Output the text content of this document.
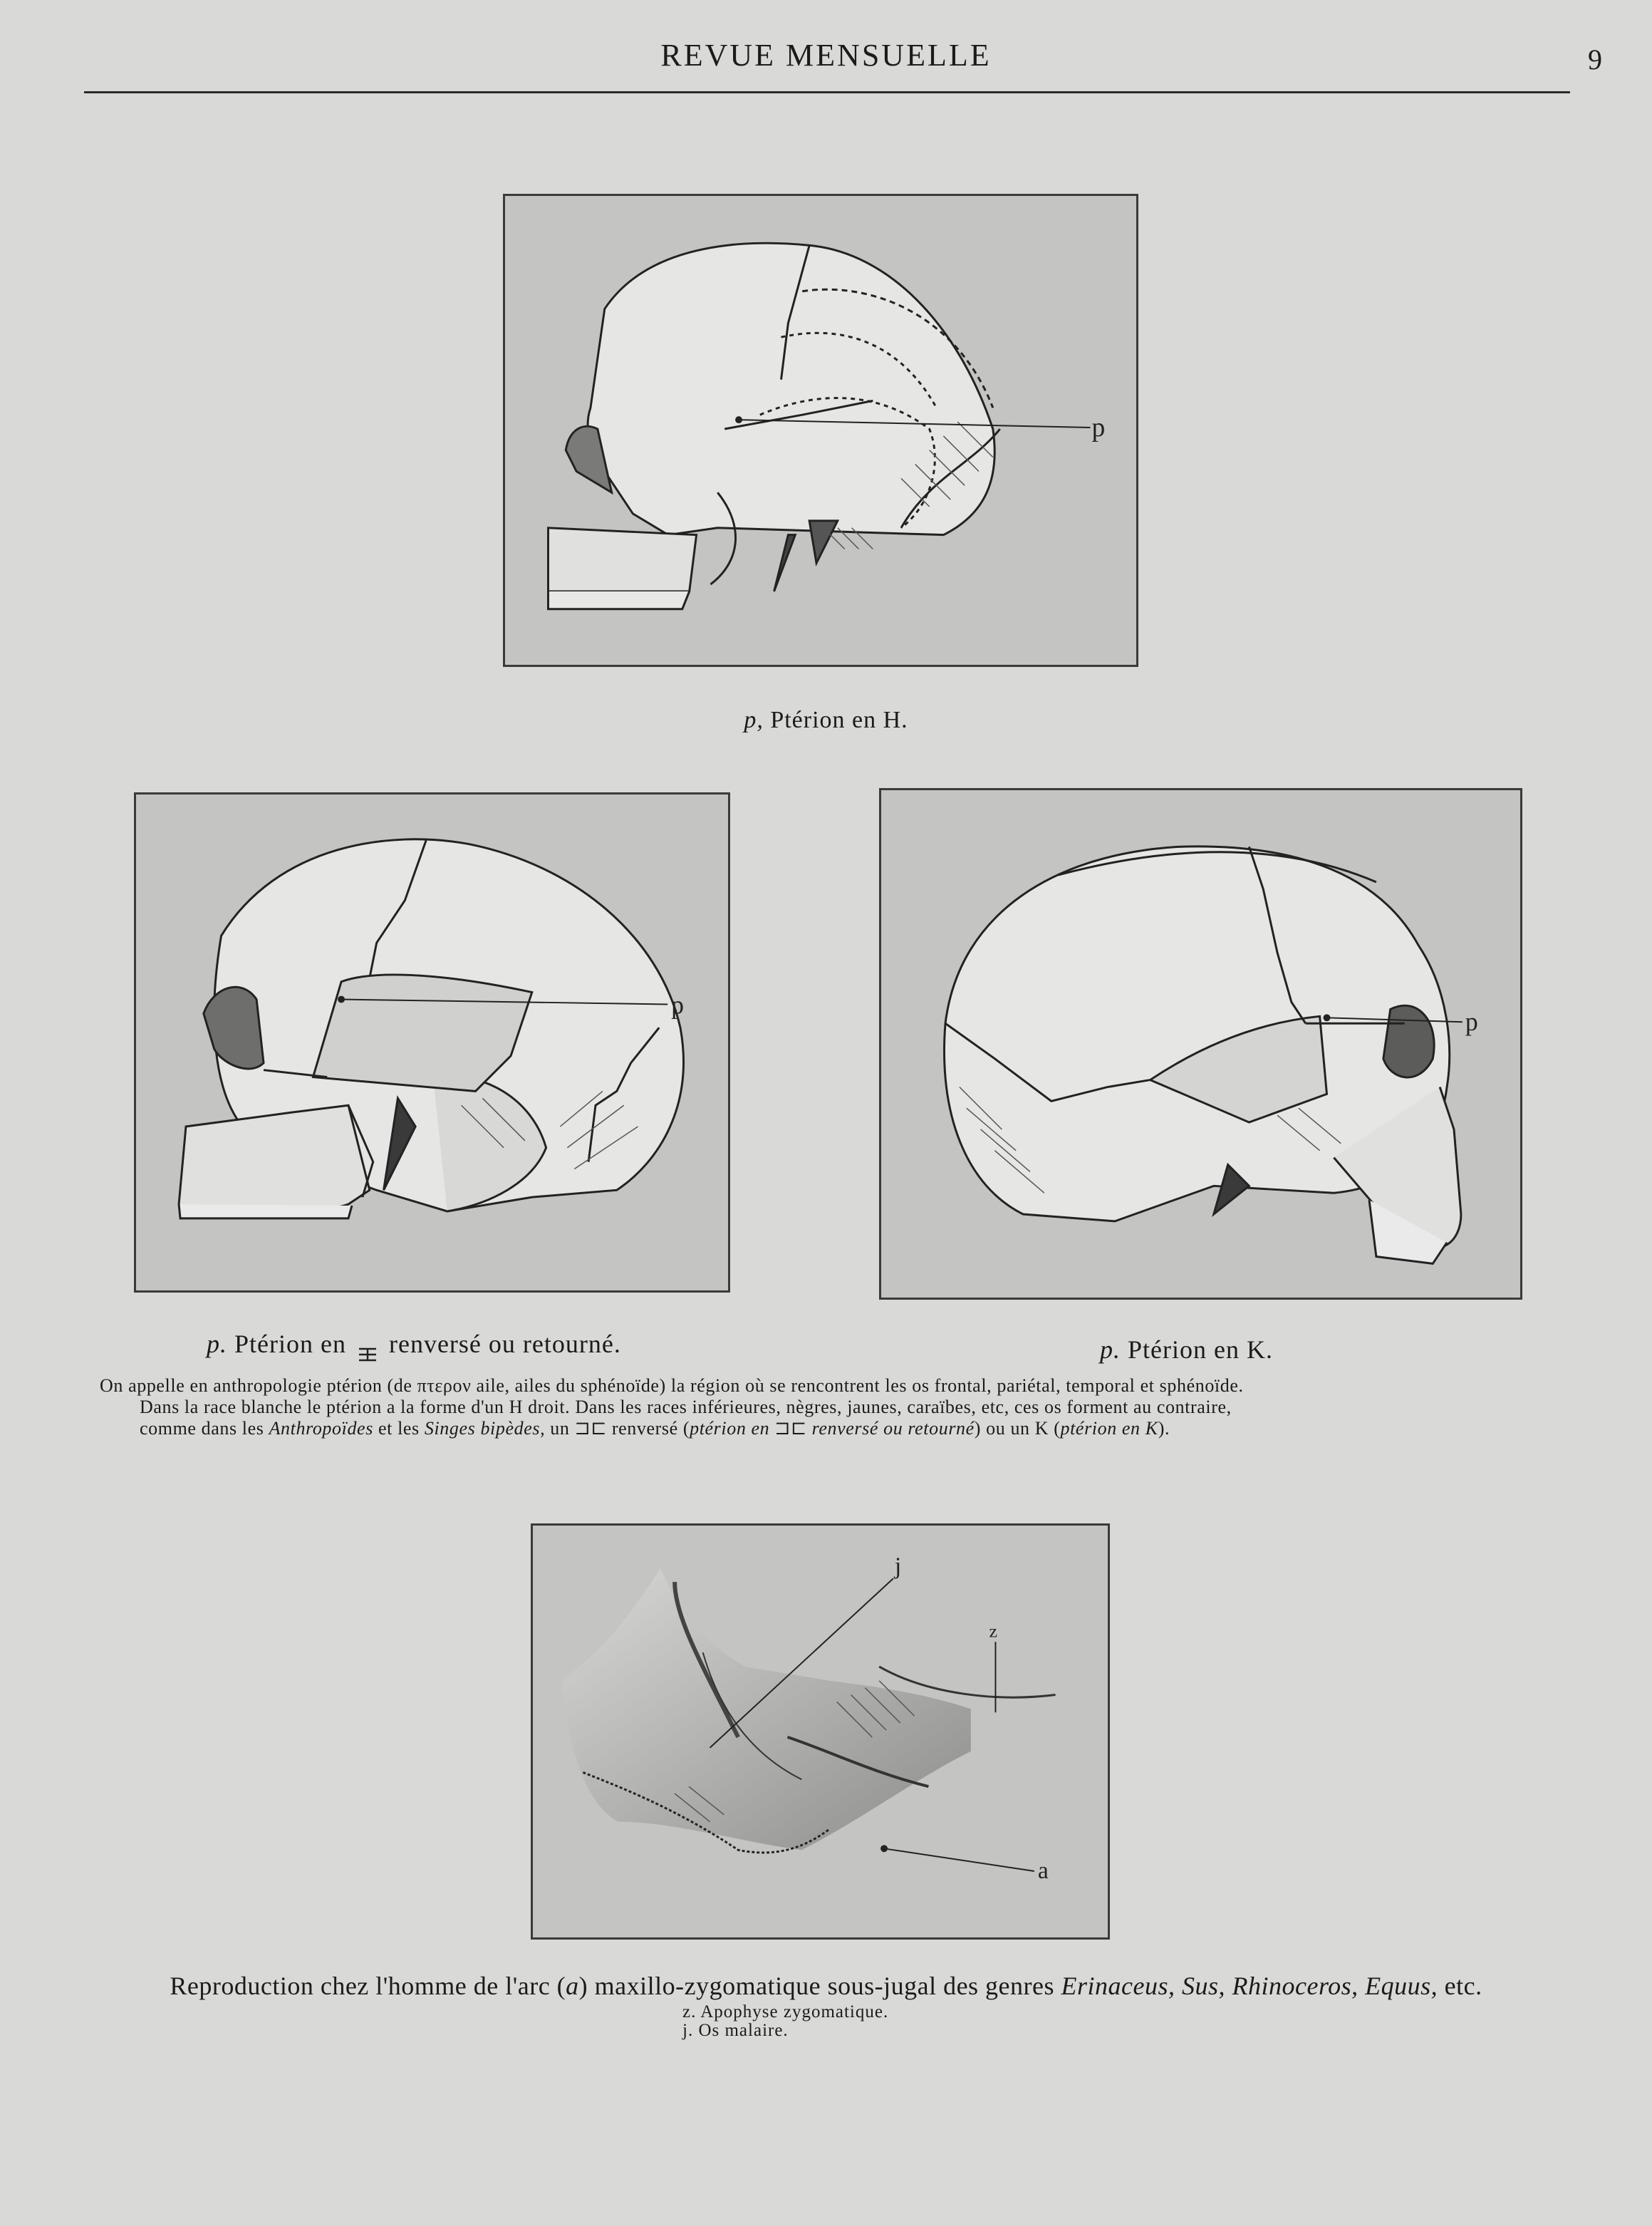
REVUE MENSUELLE	9
p
p, Ptérion en H.
p
p. Ptérion en renversé ou retourné.
p
p. Ptérion en K.

On appelle en anthropologie ptérion (de πτερον aile, ailes du sphénoïde) la région où se rencontrent les os frontal, pariétal, temporal et sphénoïde.

Dans la race blanche le ptérion a la forme d'un H droit. Dans les races inférieures, nègres, jaunes, caraïbes, etc, ces os forment au contraire,

comme dans les Anthropoïdes et les Singes bipèdes, un ⊐⊏ renversé (ptérion en ⊐⊏ renversé ou retourné) ou un K (ptérion en K).

j
z
a
Reproduction chez l'homme de l'arc (a) maxillo-zygomatique sous-jugal des genres Erinaceus, Sus, Rhinoceros, Equus, etc.
z. Apophyse zygomatique.
j. Os malaire.
